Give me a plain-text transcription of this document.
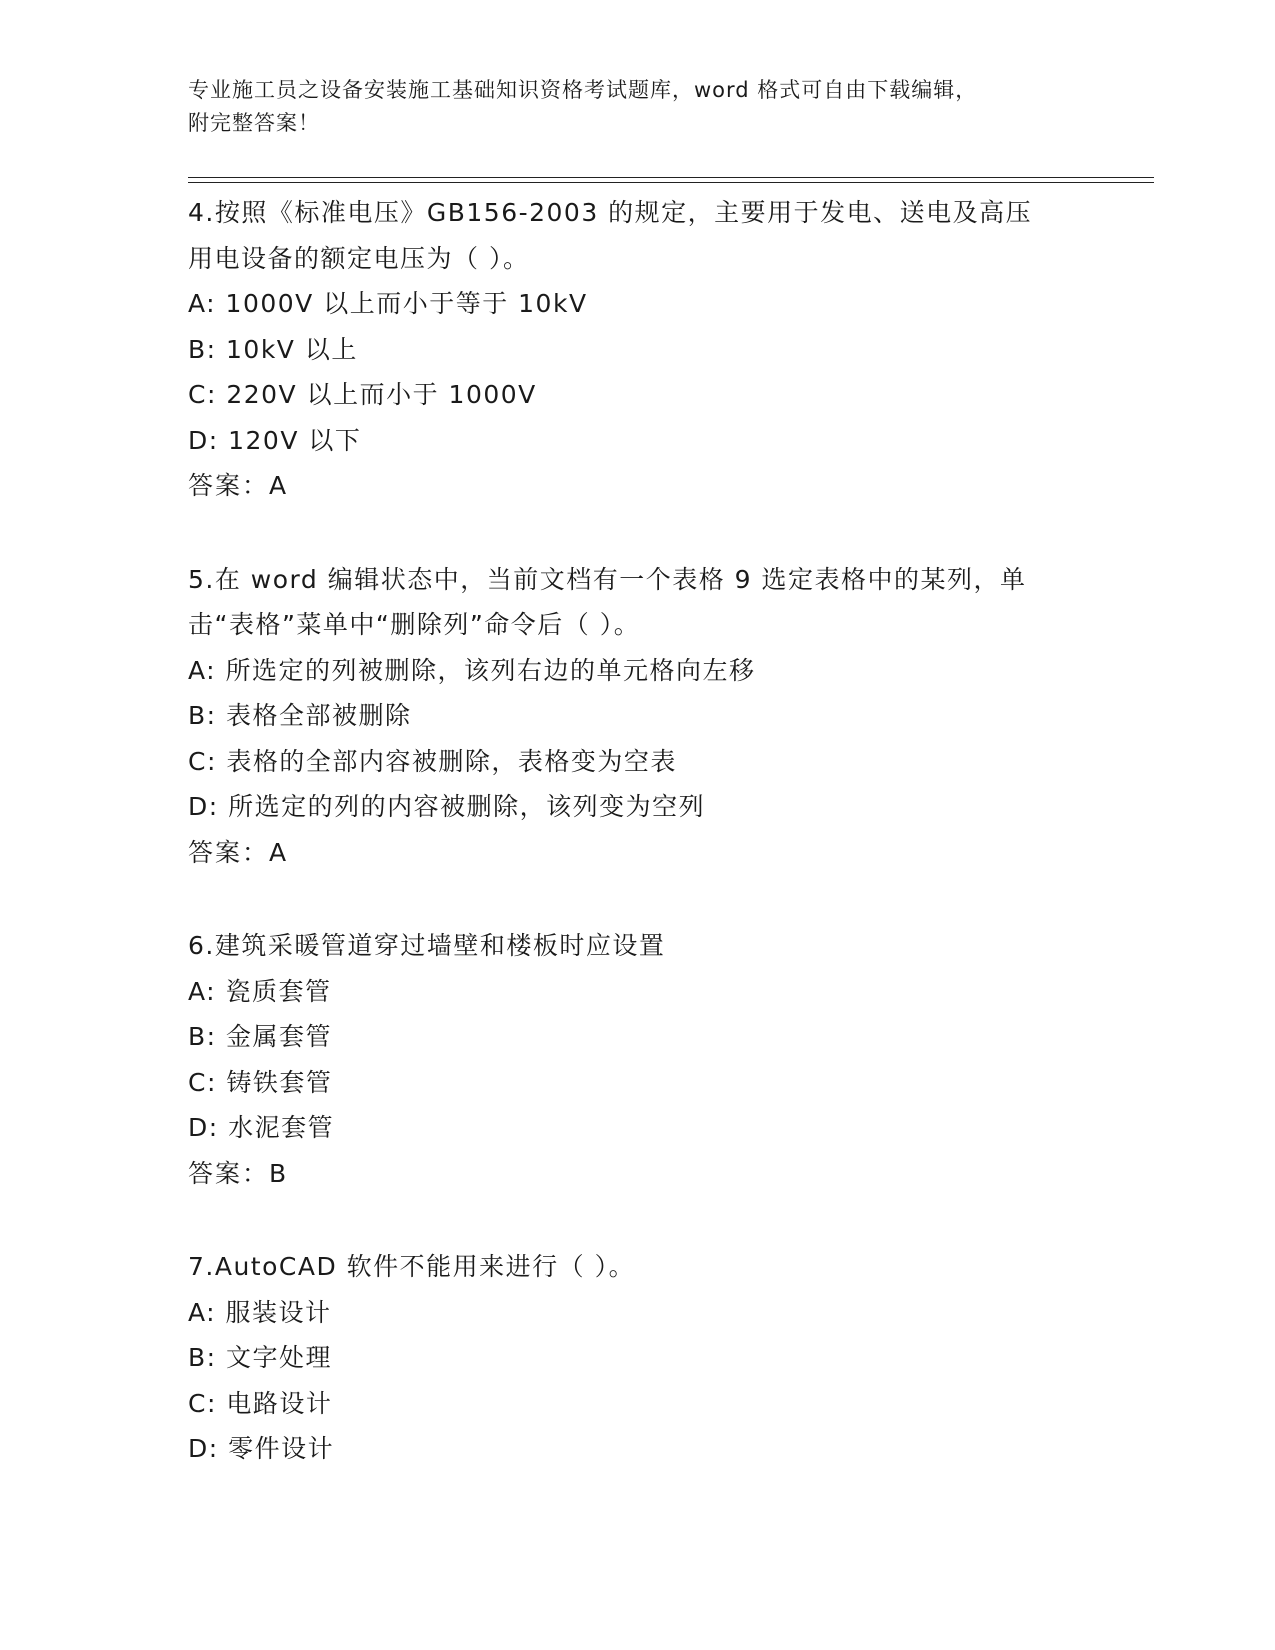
专业施工员之设备安装施工基础知识资格考试题库，word 格式可自由下载编辑，
附完整答案！
4.按照《标准电压》GB156-2003 的规定，主要用于发电、送电及高压
用电设备的额定电压为（ ）。
A: 1000V 以上而小于等于 10kV
B: 10kV 以上
C: 220V 以上而小于 1000V
D: 120V 以下
答案：A
5.在 word 编辑状态中，当前文档有一个表格 9 选定表格中的某列，单
击“表格”菜单中“删除列”命令后（ ）。
A: 所选定的列被删除，该列右边的单元格向左移
B: 表格全部被删除
C: 表格的全部内容被删除，表格变为空表
D: 所选定的列的内容被删除，该列变为空列
答案：A
6.建筑采暖管道穿过墙壁和楼板时应设置
A: 瓷质套管
B: 金属套管
C: 铸铁套管
D: 水泥套管
答案：B
7.AutoCAD 软件不能用来进行（ ）。
A: 服装设计
B: 文字处理
C: 电路设计
D: 零件设计
